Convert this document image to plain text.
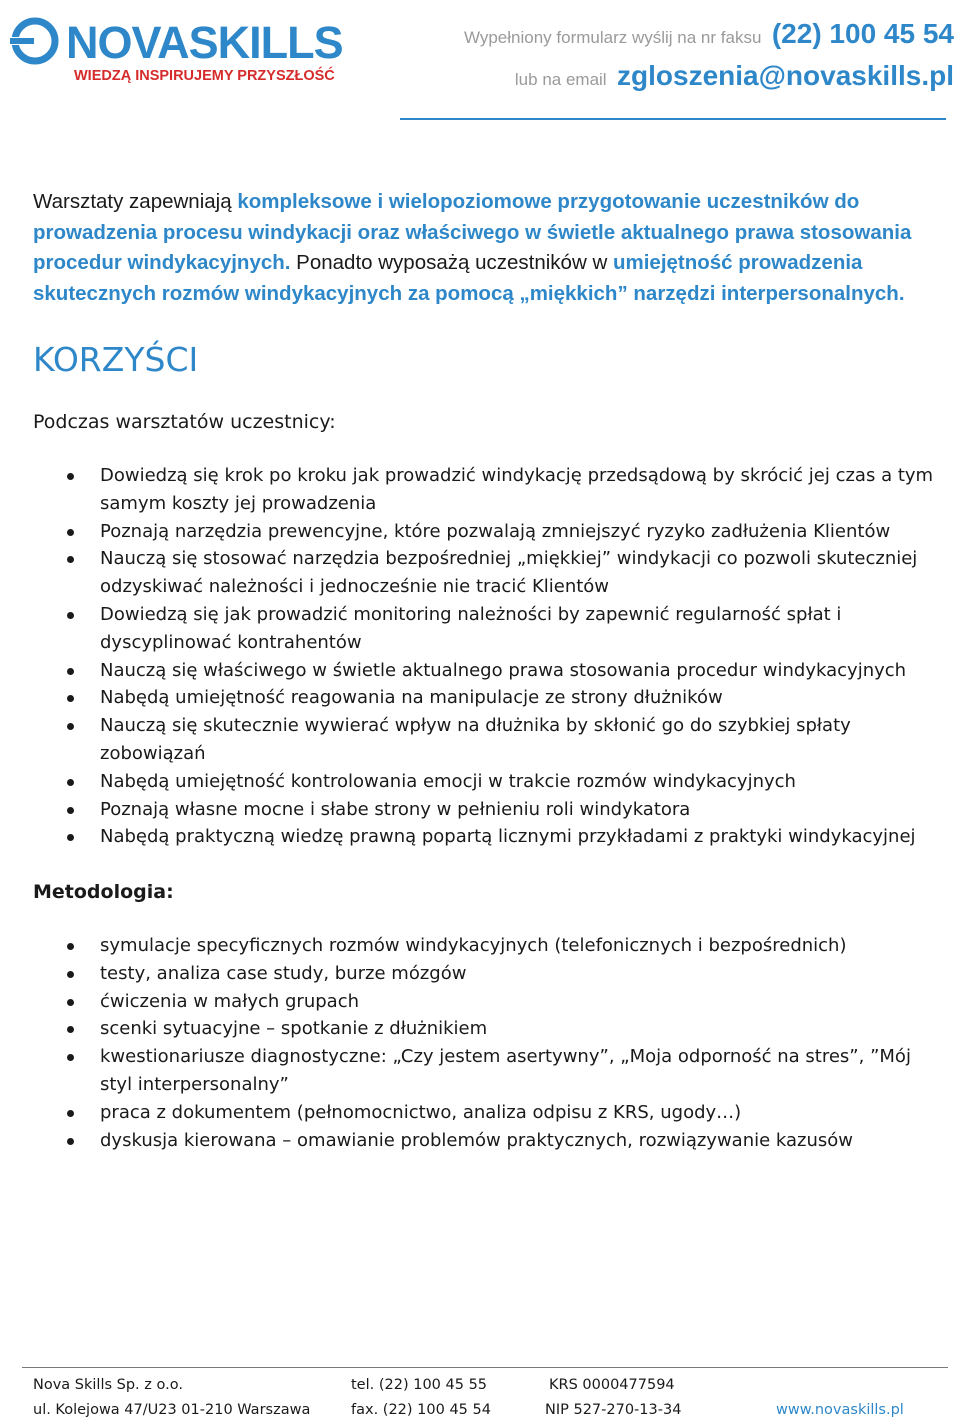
NOVASKILLS
WIEDZĄ INSPIRUJEMY PRZYSZŁOŚĆ
Wypełniony formularz wyślij na nr faksu (22) 100 45 54
lub na email zgloszenia@novaskills.pl

Warsztaty zapewniają kompleksowe i wielopoziomowe przygotowanie uczestników do prowadzenia procesu windykacji oraz właściwego w świetle aktualnego prawa stosowania procedur windykacyjnych. Ponadto wyposażą uczestników w umiejętność prowadzenia skutecznych rozmów windykacyjnych za pomocą „miękkich” narzędzi interpersonalnych.

KORZYŚCI

Podczas warsztatów uczestnicy:

Dowiedzą się krok po kroku jak prowadzić windykację przedsądową by skrócić jej czas a tym samym koszty jej prowadzenia
Poznają narzędzia prewencyjne, które pozwalają zmniejszyć ryzyko zadłużenia Klientów
Nauczą się stosować narzędzia bezpośredniej „miękkiej” windykacji co pozwoli skuteczniej odzyskiwać należności i jednocześnie nie tracić Klientów
Dowiedzą się jak prowadzić monitoring należności by zapewnić regularność spłat i dyscyplinować kontrahentów
Nauczą się właściwego w świetle aktualnego prawa stosowania procedur windykacyjnych
Nabędą umiejętność reagowania na manipulacje ze strony dłużników
Nauczą się skutecznie wywierać wpływ na dłużnika by skłonić go do szybkiej spłaty zobowiązań
Nabędą umiejętność kontrolowania emocji w trakcie rozmów windykacyjnych
Poznają własne mocne i słabe strony w pełnieniu roli windykatora
Nabędą praktyczną wiedzę prawną popartą licznymi przykładami z praktyki windykacyjnej

Metodologia:

symulacje specyficznych rozmów windykacyjnych (telefonicznych i bezpośrednich)
testy, analiza case study, burze mózgów
ćwiczenia w małych grupach
scenki sytuacyjne – spotkanie z dłużnikiem
kwestionariusze diagnostyczne: „Czy jestem asertywny”, „Moja odporność na stres”, ”Mój styl interpersonalny”
praca z dokumentem (pełnomocnictwo, analiza odpisu z KRS, ugody…)
dyskusja kierowana – omawianie problemów praktycznych, rozwiązywanie kazusów
Nova Skills Sp. z o.o.
ul. Kolejowa 47/U23 01-210 Warszawa
tel. (22) 100 45 55
fax. (22) 100 45 54
KRS 0000477594
NIP 527-270-13-34	www.novaskills.pl
